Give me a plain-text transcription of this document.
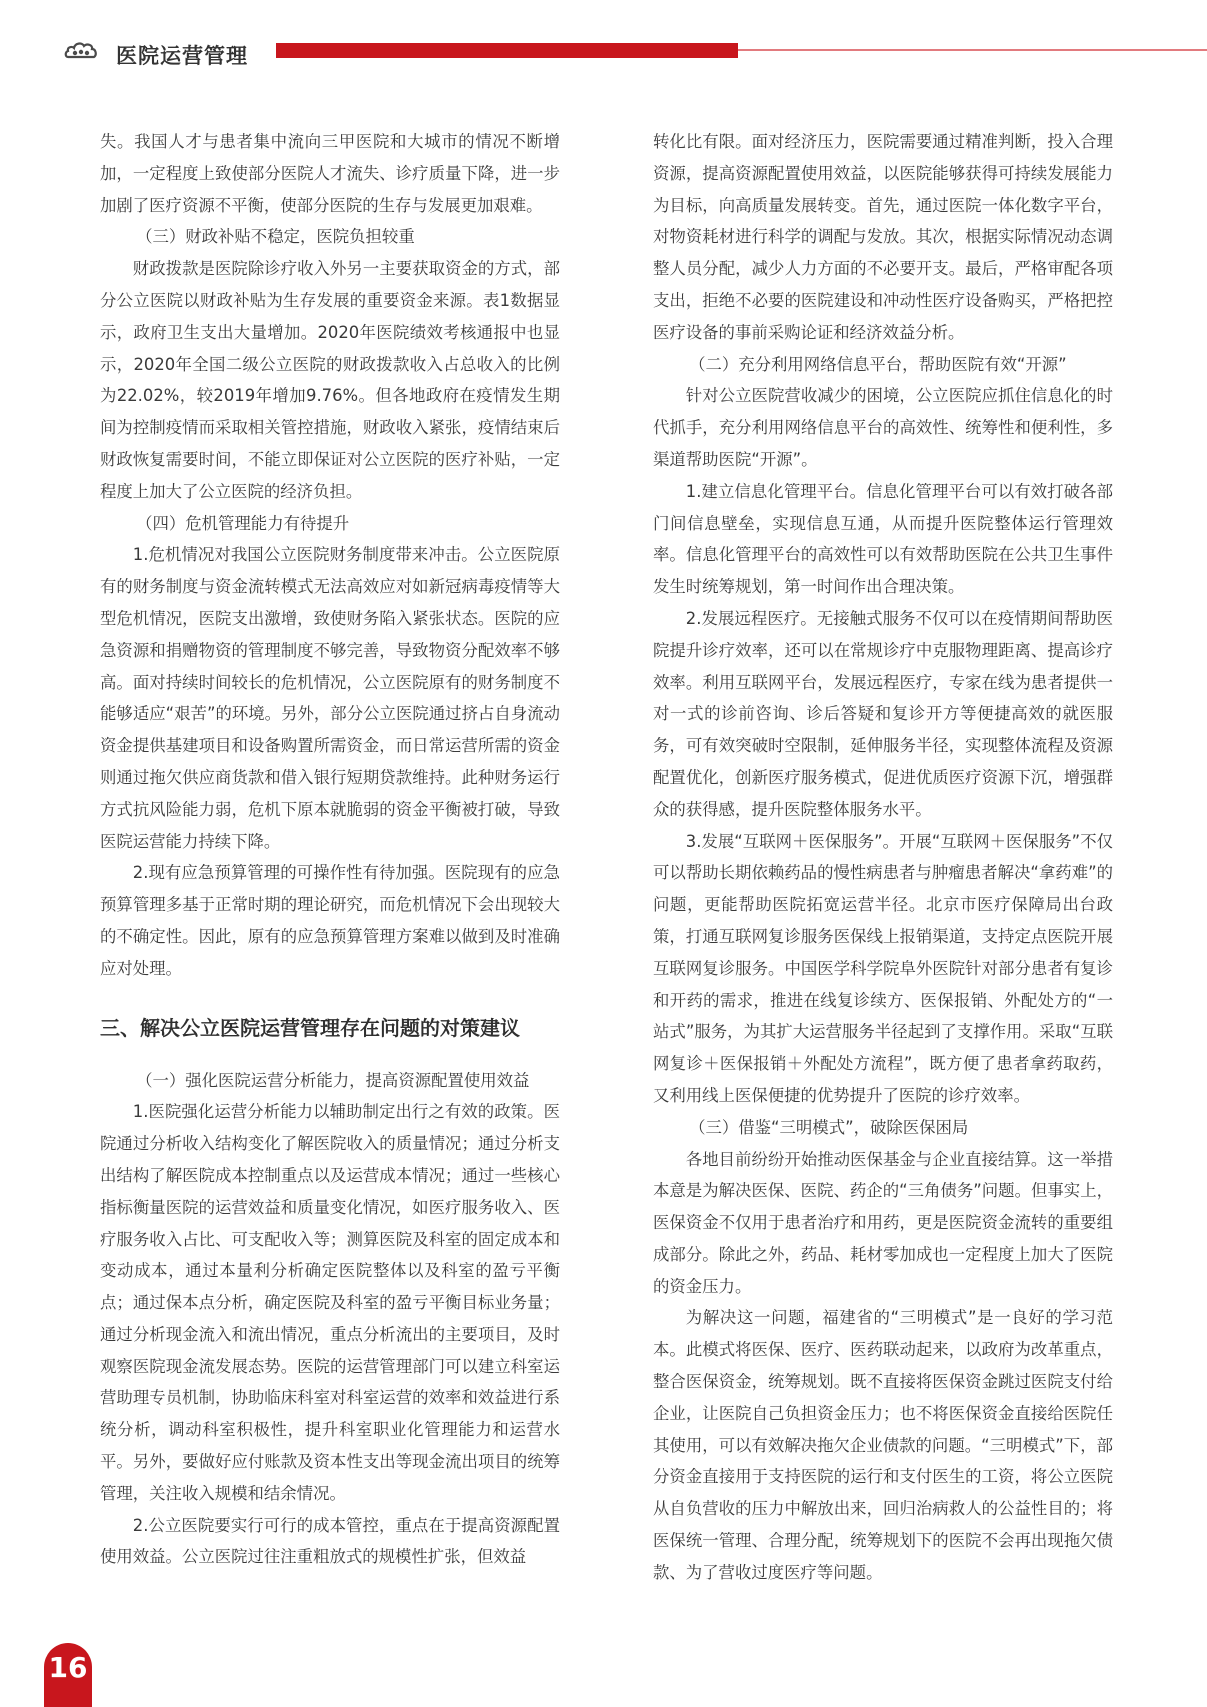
医院运营管理

失。我国人才与患者集中流向三甲医院和大城市的情况不断增加，一定程度上致使部分医院人才流失、诊疗质量下降，进一步加剧了医疗资源不平衡，使部分医院的生存与发展更加艰难。

（三）财政补贴不稳定，医院负担较重

财政拨款是医院除诊疗收入外另一主要获取资金的方式，部分公立医院以财政补贴为生存发展的重要资金来源。表1数据显示，政府卫生支出大量增加。2020年医院绩效考核通报中也显示，2020年全国二级公立医院的财政拨款收入占总收入的比例为22.02%，较2019年增加9.76%。但各地政府在疫情发生期间为控制疫情而采取相关管控措施，财政收入紧张，疫情结束后财政恢复需要时间，不能立即保证对公立医院的医疗补贴，一定程度上加大了公立医院的经济负担。

（四）危机管理能力有待提升

1.危机情况对我国公立医院财务制度带来冲击。公立医院原有的财务制度与资金流转模式无法高效应对如新冠病毒疫情等大型危机情况，医院支出激增，致使财务陷入紧张状态。医院的应急资源和捐赠物资的管理制度不够完善，导致物资分配效率不够高。面对持续时间较长的危机情况，公立医院原有的财务制度不能够适应“艰苦”的环境。另外，部分公立医院通过挤占自身流动资金提供基建项目和设备购置所需资金，而日常运营所需的资金则通过拖欠供应商货款和借入银行短期贷款维持。此种财务运行方式抗风险能力弱，危机下原本就脆弱的资金平衡被打破，导致医院运营能力持续下降。

2.现有应急预算管理的可操作性有待加强。医院现有的应急预算管理多基于正常时期的理论研究，而危机情况下会出现较大的不确定性。因此，原有的应急预算管理方案难以做到及时准确应对处理。

三、解决公立医院运营管理存在问题的对策建议

（一）强化医院运营分析能力，提高资源配置使用效益

1.医院强化运营分析能力以辅助制定出行之有效的政策。医院通过分析收入结构变化了解医院收入的质量情况；通过分析支出结构了解医院成本控制重点以及运营成本情况；通过一些核心指标衡量医院的运营效益和质量变化情况，如医疗服务收入、医疗服务收入占比、可支配收入等；测算医院及科室的固定成本和变动成本，通过本量利分析确定医院整体以及科室的盈亏平衡点；通过保本点分析，确定医院及科室的盈亏平衡目标业务量；通过分析现金流入和流出情况，重点分析流出的主要项目，及时观察医院现金流发展态势。医院的运营管理部门可以建立科室运营助理专员机制，协助临床科室对科室运营的效率和效益进行系统分析，调动科室积极性，提升科室职业化管理能力和运营水平。另外，要做好应付账款及资本性支出等现金流出项目的统筹管理，关注收入规模和结余情况。

2.公立医院要实行可行的成本管控，重点在于提高资源配置使用效益。公立医院过往注重粗放式的规模性扩张，但效益

转化比有限。面对经济压力，医院需要通过精准判断，投入合理资源，提高资源配置使用效益，以医院能够获得可持续发展能力为目标，向高质量发展转变。首先，通过医院一体化数字平台，对物资耗材进行科学的调配与发放。其次，根据实际情况动态调整人员分配，减少人力方面的不必要开支。最后，严格审配各项支出，拒绝不必要的医院建设和冲动性医疗设备购买，严格把控医疗设备的事前采购论证和经济效益分析。

（二）充分利用网络信息平台，帮助医院有效“开源”

针对公立医院营收减少的困境，公立医院应抓住信息化的时代抓手，充分利用网络信息平台的高效性、统筹性和便利性，多渠道帮助医院“开源”。

1.建立信息化管理平台。信息化管理平台可以有效打破各部门间信息壁垒，实现信息互通，从而提升医院整体运行管理效率。信息化管理平台的高效性可以有效帮助医院在公共卫生事件发生时统筹规划，第一时间作出合理决策。

2.发展远程医疗。无接触式服务不仅可以在疫情期间帮助医院提升诊疗效率，还可以在常规诊疗中克服物理距离、提高诊疗效率。利用互联网平台，发展远程医疗，专家在线为患者提供一对一式的诊前咨询、诊后答疑和复诊开方等便捷高效的就医服务，可有效突破时空限制，延伸服务半径，实现整体流程及资源配置优化，创新医疗服务模式，促进优质医疗资源下沉，增强群众的获得感，提升医院整体服务水平。

3.发展“互联网＋医保服务”。开展“互联网＋医保服务”不仅可以帮助长期依赖药品的慢性病患者与肿瘤患者解决“拿药难”的问题，更能帮助医院拓宽运营半径。北京市医疗保障局出台政策，打通互联网复诊服务医保线上报销渠道，支持定点医院开展互联网复诊服务。中国医学科学院阜外医院针对部分患者有复诊和开药的需求，推进在线复诊续方、医保报销、外配处方的“一站式”服务，为其扩大运营服务半径起到了支撑作用。采取“互联网复诊＋医保报销＋外配处方流程”，既方便了患者拿药取药，又利用线上医保便捷的优势提升了医院的诊疗效率。

（三）借鉴“三明模式”，破除医保困局

各地目前纷纷开始推动医保基金与企业直接结算。这一举措本意是为解决医保、医院、药企的“三角债务”问题。但事实上，医保资金不仅用于患者治疗和用药，更是医院资金流转的重要组成部分。除此之外，药品、耗材零加成也一定程度上加大了医院的资金压力。

为解决这一问题，福建省的“三明模式”是一良好的学习范本。此模式将医保、医疗、医药联动起来，以政府为改革重点，整合医保资金，统筹规划。既不直接将医保资金跳过医院支付给企业，让医院自己负担资金压力；也不将医保资金直接给医院任其使用，可以有效解决拖欠企业债款的问题。“三明模式”下，部分资金直接用于支持医院的运行和支付医生的工资，将公立医院从自负营收的压力中解放出来，回归治病救人的公益性目的；将医保统一管理、合理分配，统筹规划下的医院不会再出现拖欠债款、为了营收过度医疗等问题。

16
